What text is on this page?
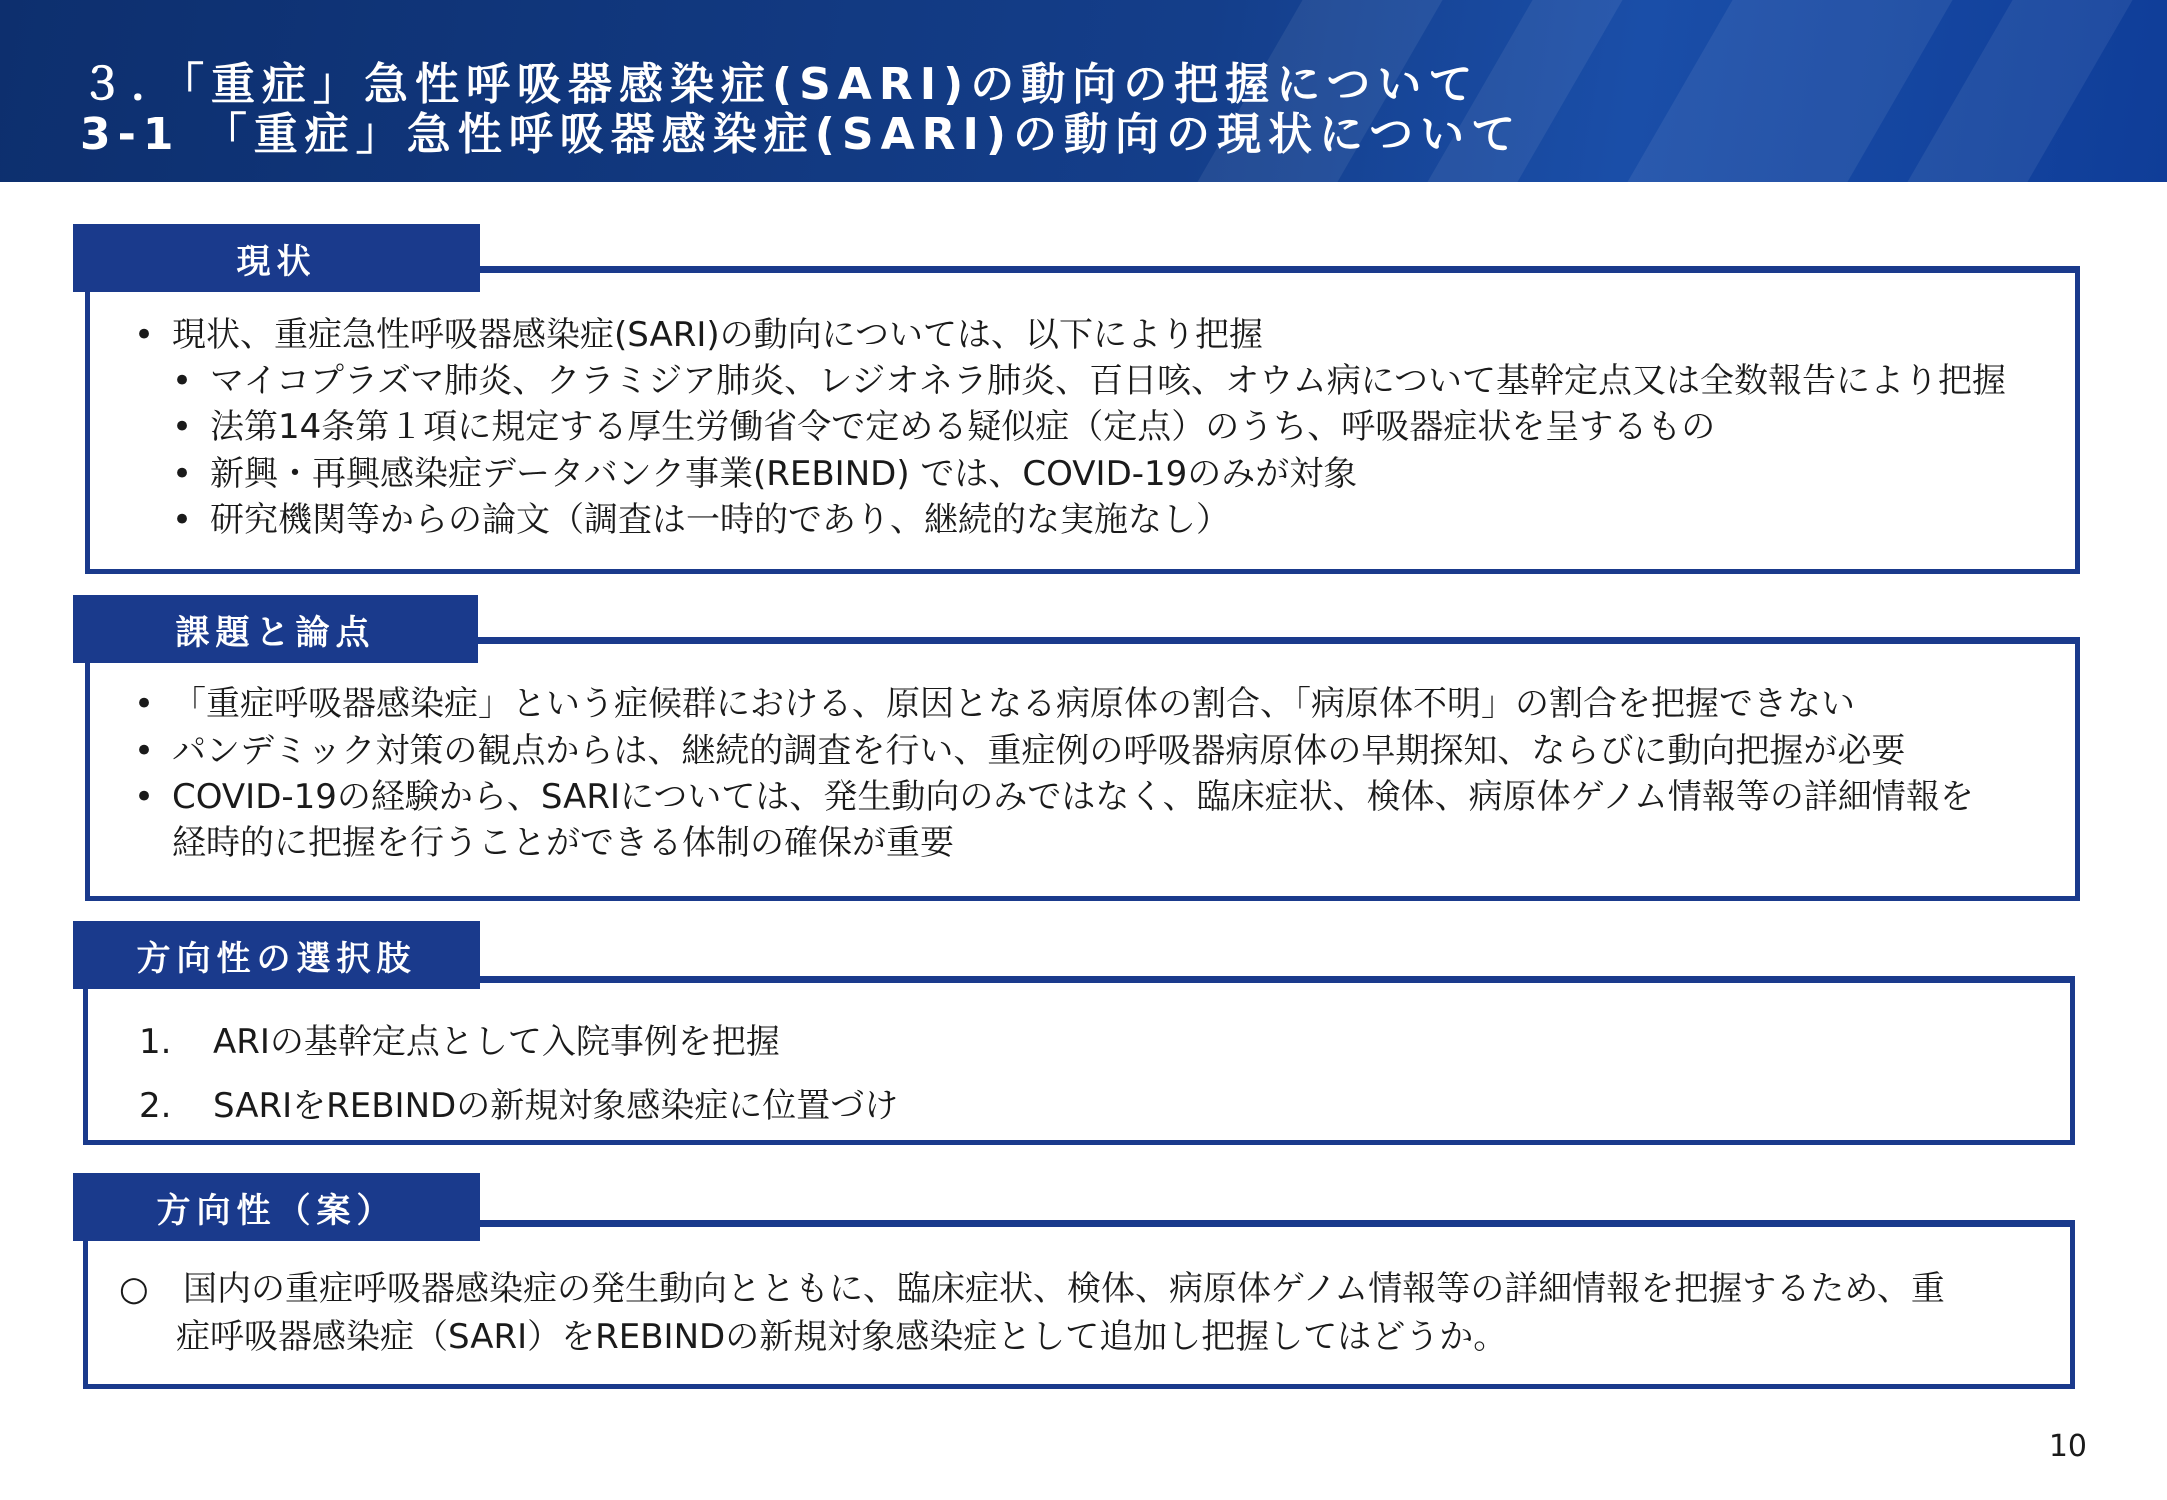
３．「重症」急性呼吸器感染症(SARI)の動向の把握について
3-1 「重症」急性呼吸器感染症(SARI)の動向の現状について
現状
• 現状、重症急性呼吸器感染症(SARI)の動向については、以下により把握
• マイコプラズマ肺炎、クラミジア肺炎、レジオネラ肺炎、百日咳、オウム病について基幹定点又は全数報告により把握
• 法第14条第１項に規定する厚生労働省令で定める疑似症（定点）のうち、呼吸器症状を呈するもの
• 新興・再興感染症データバンク事業(REBIND) では、COVID-19のみが対象
• 研究機関等からの論文（調査は一時的であり、継続的な実施なし）
課題と論点
• 「重症呼吸器感染症」という症候群における、原因となる病原体の割合、「病原体不明」の割合を把握できない
• パンデミック対策の観点からは、継続的調査を行い、重症例の呼吸器病原体の早期探知、ならびに動向把握が必要
• COVID-19の経験から、SARIについては、発生動向のみではなく、臨床症状、検体、病原体ゲノム情報等の詳細情報を
経時的に把握を行うことができる体制の確保が重要
方向性の選択肢
1. ARIの基幹定点として入院事例を把握
2. SARIをREBINDの新規対象感染症に位置づけ
方向性（案）
○ 国内の重症呼吸器感染症の発生動向とともに、臨床症状、検体、病原体ゲノム情報等の詳細情報を把握するため、重
症呼吸器感染症（SARI）をREBINDの新規対象感染症として追加し把握してはどうか。
10
